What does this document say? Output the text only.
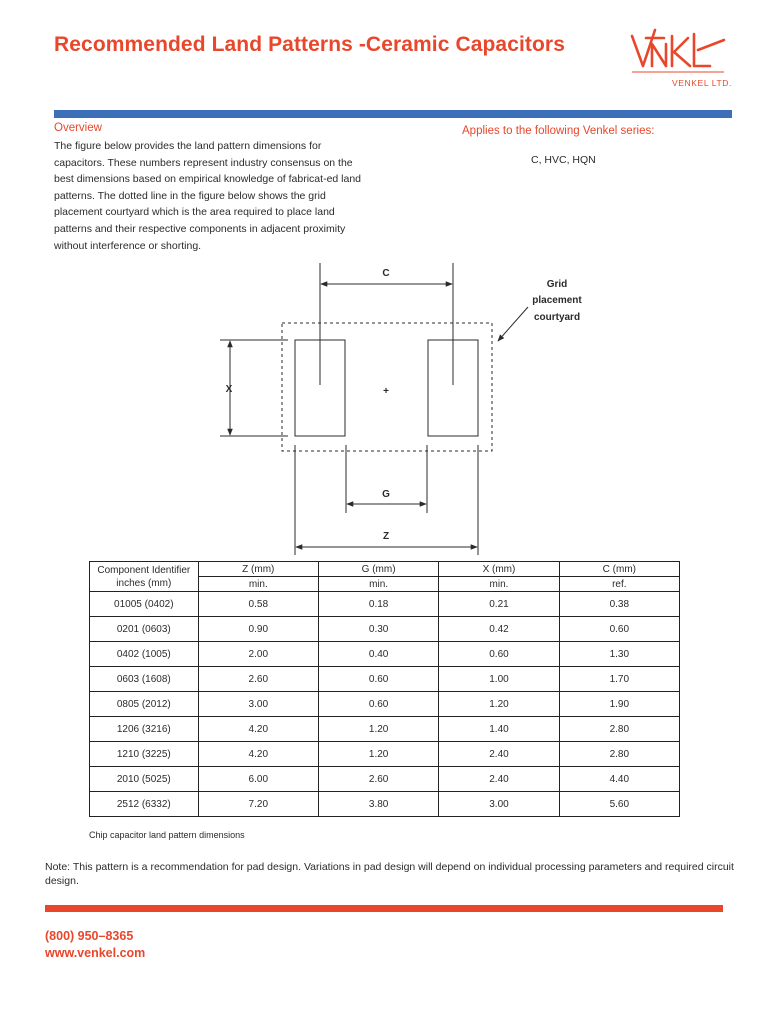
Recommended Land Patterns -Ceramic Capacitors
VENKEL LTD.
Overview
The figure below provides the land pattern dimensions for capacitors. These numbers represent industry consensus on the best dimensions based on empirical knowledge of fabricat-ed land patterns. The dotted line in the figure below shows the grid placement courtyard which is the area required to place land patterns and their respective components in adjacent proximity without interference or shorting.
Applies to the following Venkel series:
C, HVC, HQN
C
X	+
G
Z
Grid
placement
courtyard
Component Identifier
inches (mm)	Z (mm)	G (mm)	X (mm)	C (mm)
	min.	min.	min.	ref.
01005 (0402)	0.58	0.18	0.21	0.38
0201 (0603)	0.90	0.30	0.42	0.60
0402 (1005)	2.00	0.40	0.60	1.30
0603 (1608)	2.60	0.60	1.00	1.70
0805 (2012)	3.00	0.60	1.20	1.90
1206 (3216)	4.20	1.20	1.40	2.80
1210 (3225)	4.20	1.20	2.40	2.80
2010 (5025)	6.00	2.60	2.40	4.40
2512 (6332)	7.20	3.80	3.00	5.60
Chip capacitor land pattern dimensions
Note: This pattern is a recommendation for pad design. Variations in pad design will depend on individual processing parameters and required circuit design.
(800) 950–8365
www.venkel.com
